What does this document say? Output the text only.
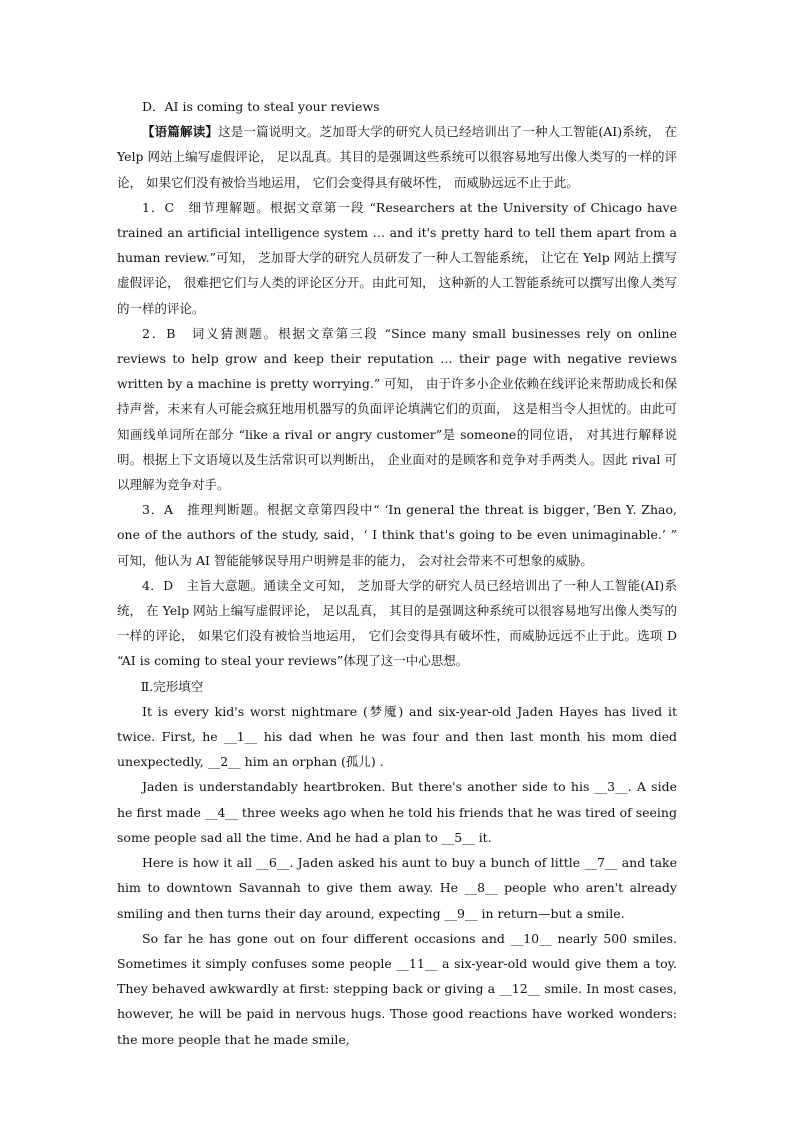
D．AI is coming to steal your reviews

【语篇解读】这是一篇说明文。芝加哥大学的研究人员已经培训出了一种人工智能(AI)系统， 在 Yelp 网站上编写虚假评论， 足以乱真。其目的是强调这些系统可以很容易地写出像人类写的一样的评论， 如果它们没有被恰当地运用， 它们会变得具有破坏性， 而威胁远远不止于此。

1．C　细节理解题。根据文章第一段 “Researchers at the University of Chicago have trained an artificial intelligence system … and it's pretty hard to tell them apart from a human review.”可知， 芝加哥大学的研究人员研发了一种人工智能系统， 让它在 Yelp 网站上撰写虚假评论， 很难把它们与人类的评论区分开。由此可知， 这种新的人工智能系统可以撰写出像人类写的一样的评论。

2．B　词义猜测题。根据文章第三段 “Since many small businesses rely on online reviews to help grow and keep their reputation … their page with negative reviews written by a machine is pretty worrying.” 可知， 由于许多小企业依赖在线评论来帮助成长和保持声誉，未来有人可能会疯狂地用机器写的负面评论填满它们的页面， 这是相当令人担忧的。由此可知画线单词所在部分 “like a rival or angry customer”是 someone的同位语， 对其进行解释说明。根据上下文语境以及生活常识可以判断出， 企业面对的是顾客和竞争对手两类人。因此 rival 可以理解为竞争对手。

3．A　推理判断题。根据文章第四段中“ ‘In general the threat is bigger，’Ben Y. Zhao, one of the authors of the study, said，‘ I think that's going to be even unimaginable.’ ” 可知，他认为 AI 智能能够误导用户明辨是非的能力， 会对社会带来不可想象的威胁。

4．D　主旨大意题。通读全文可知， 芝加哥大学的研究人员已经培训出了一种人工智能(AI)系统， 在 Yelp 网站上编写虚假评论， 足以乱真， 其目的是强调这种系统可以很容易地写出像人类写的一样的评论， 如果它们没有被恰当地运用， 它们会变得具有破坏性，而威胁远远不止于此。选项 D “AI is coming to steal your reviews”体现了这一中心思想。

Ⅱ.完形填空

It is every kid's worst nightmare (梦魇) and six-year-old Jaden Hayes has lived it twice. First, he __1__ his dad when he was four and then last month his mom died unexpectedly, __2__ him an orphan (孤儿) .

Jaden is understandably heartbroken. But there's another side to his __3__. A side he first made __4__ three weeks ago when he told his friends that he was tired of seeing some people sad all the time. And he had a plan to __5__ it.

Here is how it all __6__. Jaden asked his aunt to buy a bunch of little __7__ and take him to downtown Savannah to give them away. He __8__ people who aren't already smiling and then turns their day around, expecting __9__ in return—but a smile.

So far he has gone out on four different occasions and __10__ nearly 500 smiles. Sometimes it simply confuses some people __11__ a six-year-old would give them a toy. They behaved awkwardly at first: stepping back or giving a __12__ smile. In most cases, however, he will be paid in nervous hugs. Those good reactions have worked wonders: the more people that he made smile,
